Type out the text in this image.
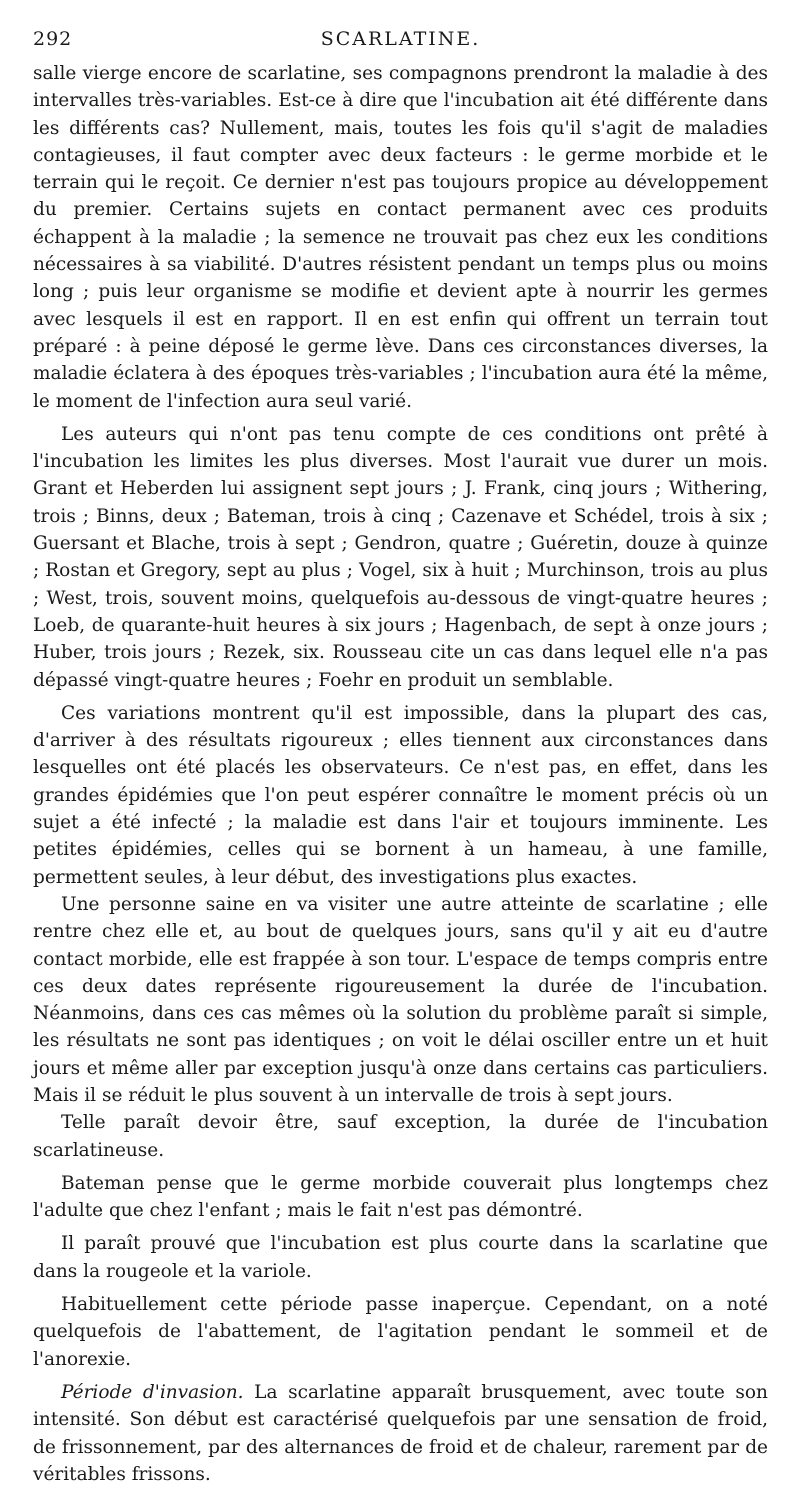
292	SCARLATINE.

salle vierge encore de scarlatine, ses compagnons prendront la maladie à des intervalles très-variables. Est-ce à dire que l'incubation ait été différente dans les différents cas? Nullement, mais, toutes les fois qu'il s'agit de maladies contagieuses, il faut compter avec deux facteurs : le germe morbide et le terrain qui le reçoit. Ce dernier n'est pas toujours propice au développement du premier. Certains sujets en contact permanent avec ces produits échappent à la maladie ; la semence ne trouvait pas chez eux les conditions nécessaires à sa viabilité. D'autres résistent pendant un temps plus ou moins long ; puis leur organisme se modifie et devient apte à nourrir les germes avec lesquels il est en rapport. Il en est enfin qui offrent un terrain tout préparé : à peine déposé le germe lève. Dans ces circonstances diverses, la maladie éclatera à des époques très-variables ; l'incubation aura été la même, le moment de l'infection aura seul varié.

Les auteurs qui n'ont pas tenu compte de ces conditions ont prêté à l'incubation les limites les plus diverses. Most l'aurait vue durer un mois. Grant et Heberden lui assignent sept jours ; J. Frank, cinq jours ; Withering, trois ; Binns, deux ; Bateman, trois à cinq ; Cazenave et Schédel, trois à six ; Guersant et Blache, trois à sept ; Gendron, quatre ; Guéretin, douze à quinze ; Rostan et Gregory, sept au plus ; Vogel, six à huit ; Murchinson, trois au plus ; West, trois, souvent moins, quelquefois au-dessous de vingt-quatre heures ; Loeb, de quarante-huit heures à six jours ; Hagenbach, de sept à onze jours ; Huber, trois jours ; Rezek, six. Rousseau cite un cas dans lequel elle n'a pas dépassé vingt-quatre heures ; Foehr en produit un semblable.

Ces variations montrent qu'il est impossible, dans la plupart des cas, d'arriver à des résultats rigoureux ; elles tiennent aux circonstances dans lesquelles ont été placés les observateurs. Ce n'est pas, en effet, dans les grandes épidémies que l'on peut espérer connaître le moment précis où un sujet a été infecté ; la maladie est dans l'air et toujours imminente. Les petites épidémies, celles qui se bornent à un hameau, à une famille, permettent seules, à leur début, des investigations plus exactes.

Une personne saine en va visiter une autre atteinte de scarlatine ; elle rentre chez elle et, au bout de quelques jours, sans qu'il y ait eu d'autre contact morbide, elle est frappée à son tour. L'espace de temps compris entre ces deux dates représente rigoureusement la durée de l'incubation. Néanmoins, dans ces cas mêmes où la solution du problème paraît si simple, les résultats ne sont pas identiques ; on voit le délai osciller entre un et huit jours et même aller par exception jusqu'à onze dans certains cas particuliers. Mais il se réduit le plus souvent à un intervalle de trois à sept jours.

Telle paraît devoir être, sauf exception, la durée de l'incubation scarlatineuse.

Bateman pense que le germe morbide couverait plus longtemps chez l'adulte que chez l'enfant ; mais le fait n'est pas démontré.

Il paraît prouvé que l'incubation est plus courte dans la scarlatine que dans la rougeole et la variole.

Habituellement cette période passe inaperçue. Cependant, on a noté quelquefois de l'abattement, de l'agitation pendant le sommeil et de l'anorexie.

Période d'invasion. La scarlatine apparaît brusquement, avec toute son intensité. Son début est caractérisé quelquefois par une sensation de froid, de frissonnement, par des alternances de froid et de chaleur, rarement par de véritables frissons.
